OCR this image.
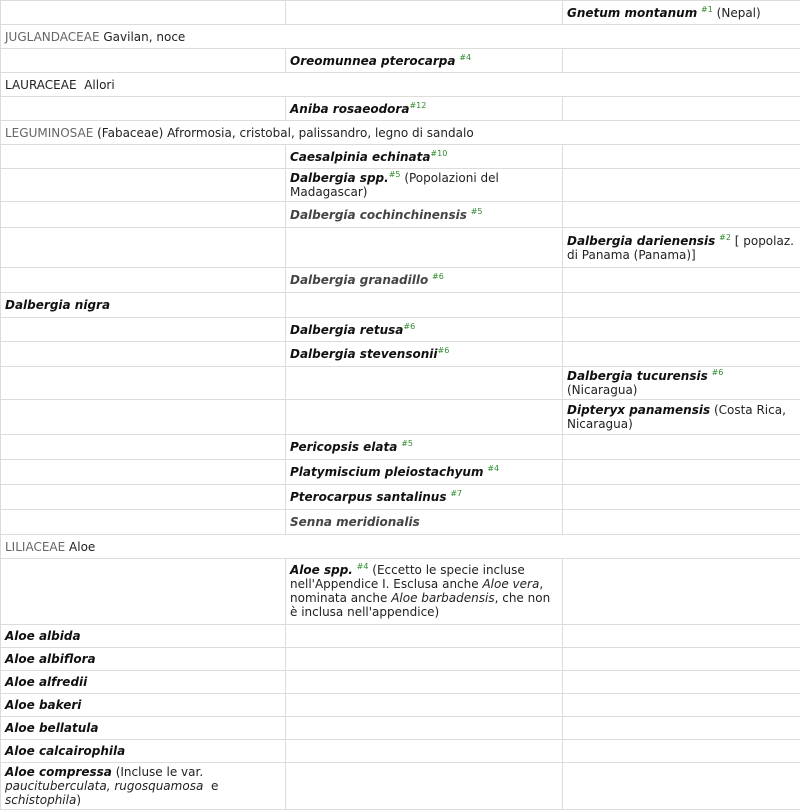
		Gnetum montanum $^{\#1}$ (Nepal)
JUGLANDACEAE Gavilan, noce		
	Oreomunnea pterocarpa $^{\#4}$	
LAURACEAE Allori		
	Aniba rosaeodora$^{\#12}$	
LEGUMINOSAE (Fabaceae) Afrormosia, cristobal, palissandro, legno di sandalo		
	Caesalpinia echinata$^{\#10}$	
	Dalbergia spp.$^{\#5}$ (Popolazioni del Madagascar)	
	Dalbergia cochinchinensis $^{\#5}$	
		Dalbergia darienensis $^{\#2}$ [ popolaz. di Panama (Panama)]
	Dalbergia granadillo $^{\#6}$	
Dalbergia nigra		
	Dalbergia retusa$^{\#6}$	
	Dalbergia stevensonii$^{\#6}$	
		Dalbergia tucurensis $^{\#6}$   (Nicaragua)
		Dipteryx panamensis (Costa Rica, Nicaragua)
	Pericopsis elata $^{\#5}$	
	Platymiscium pleiostachyum $^{\#4}$	
	Pterocarpus santalinus $^{\#7}$	
	Senna meridionalis	
LILIACEAE Aloe		
	Aloe spp. $^{\#4}$ (Eccetto le specie incluse nell'Appendice I. Esclusa anche Aloe vera, nominata anche Aloe barbadensis, che non è inclusa nell'appendice)	
Aloe albida		
Aloe albiflora		
Aloe alfredii		
Aloe bakeri		
Aloe bellatula		
Aloe calcairophila		
Aloe compressa (Incluse le var. paucituberculata, rugosquamosa e  schistophila)		
